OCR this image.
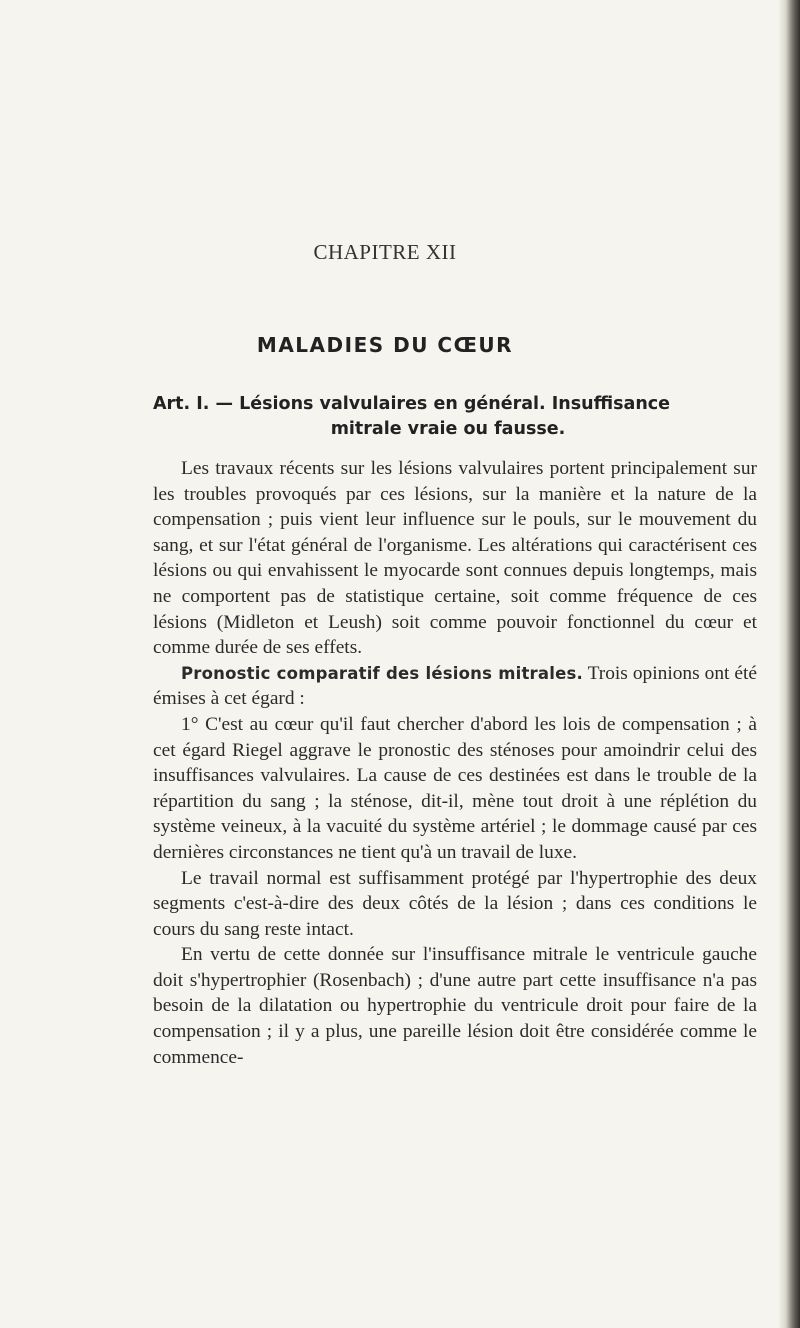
CHAPITRE XII
MALADIES DU CŒUR
Art. I. — Lésions valvulaires en général. Insuffisance
mitrale vraie ou fausse.

Les travaux récents sur les lésions valvulaires portent principalement sur les troubles provoqués par ces lésions, sur la manière et la nature de la compensation ; puis vient leur influence sur le pouls, sur le mouvement du sang, et sur l'état général de l'organisme. Les altérations qui caractérisent ces lésions ou qui envahissent le myocarde sont connues depuis longtemps, mais ne comportent pas de statistique certaine, soit comme fréquence de ces lésions (Midleton et Leush) soit comme pouvoir fonctionnel du cœur et comme durée de ses effets.

Pronostic comparatif des lésions mitrales. Trois opinions ont été émises à cet égard :

1° C'est au cœur qu'il faut chercher d'abord les lois de compensation ; à cet égard Riegel aggrave le pronostic des sténoses pour amoindrir celui des insuffisances valvulaires. La cause de ces destinées est dans le trouble de la répartition du sang ; la sténose, dit-il, mène tout droit à une réplétion du système veineux, à la vacuité du système artériel ; le dommage causé par ces dernières circonstances ne tient qu'à un travail de luxe.

Le travail normal est suffisamment protégé par l'hypertrophie des deux segments c'est-à-dire des deux côtés de la lésion ; dans ces conditions le cours du sang reste intact.

En vertu de cette donnée sur l'insuffisance mitrale le ventricule gauche doit s'hypertrophier (Rosenbach) ; d'une autre part cette insuffisance n'a pas besoin de la dilatation ou hypertrophie du ventricule droit pour faire de la compensation ; il y a plus, une pareille lésion doit être considérée comme le commence-
